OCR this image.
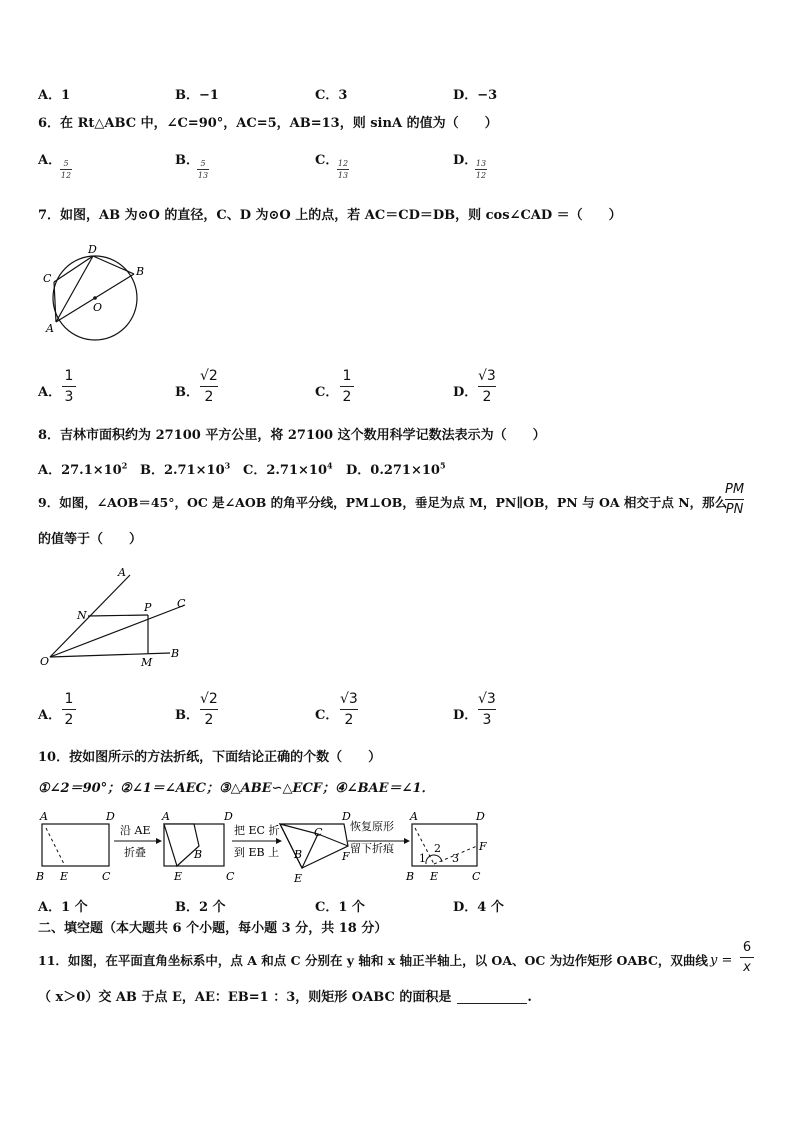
A．1	B．−1	C．3	D．−3
6．在 Rt△ABC 中，∠C=90°，AC=5，AB=13，则 sinA 的值为（　　）
A． 5
12
B． 5
13
C． 12
13
D．
13
12
7．如图，AB 为⊙O 的直径，C、D 为⊙O 上的点，若 AC＝CD＝DB，则 cos∠CAD ＝（　　）
D
C
B
O
A
A．
1
3	B．
√2
2	C．
1
2	D．
√3
2
8．吉林市面积约为 27100 平方公里，将 27100 这个数用科学记数法表示为（　　）
A．$27.1\times 10^2$ B．$2.71\times 10^3$ C．$2.71\times 10^4$ D．$0.271\times 10^5$
9．如图，∠AOB＝45°，OC 是∠AOB 的角平分线，PM⊥OB，垂足为点 M，PN∥OB，PN 与 OA 相交于点 N，那么
PM
PN
的值等于（　　）
A
C
N
P
O	M
B
A．
1
2	B．
√2
2	C．
√3
2	D．
√3
3
10．按如图所示的方法折纸，下面结论正确的个数（　　）
①∠2＝90°；②∠1＝∠AEC；③△ABE∽△ECF；④∠BAE＝∠1．
A	D
B E	C
沿 AE
折叠
A	D
B
E	C
把 EC 折
到 EB 上
D
C
B	F
E
恢复原形
留下折痕
A	D
2
1 3
F
B E	C
A．1 个	B．2 个	C．1 个	D．4 个
二、填空题（本大题共 6 个小题，每小题 3 分，共 18 分）
11．如图，在平面直角坐标系中，点 A 和点 C 分别在 y 轴和 x 轴正半轴上，以 OA、OC 为边作矩形 OABC，双曲线 y =
6
x
（ x＞0）交 AB 于点 E，AE：EB=1 ：3，则矩形 OABC 的面积是	.
